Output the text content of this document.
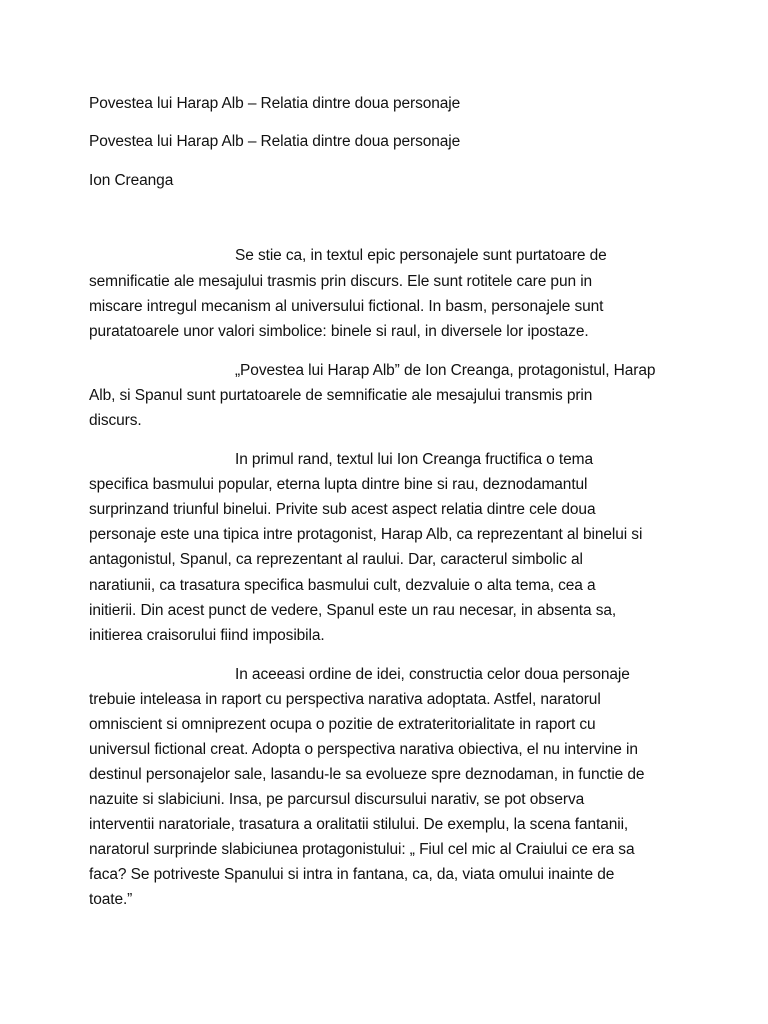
Povestea lui Harap Alb – Relatia dintre doua personaje
Povestea lui Harap Alb – Relatia dintre doua personaje
Ion Creanga
Se stie ca, in textul epic personajele sunt purtatoare de
semnificatie ale mesajului trasmis prin discurs. Ele sunt rotitele care pun in
miscare intregul mecanism al universului fictional. In basm, personajele sunt
puratatoarele unor valori simbolice: binele si raul, in diversele lor ipostaze.
„Povestea lui Harap Alb” de Ion Creanga, protagonistul, Harap
Alb, si Spanul sunt purtatoarele de semnificatie ale mesajului transmis prin
discurs.
In primul rand, textul lui Ion Creanga fructifica o tema
specifica basmului popular, eterna lupta dintre bine si rau, deznodamantul
surprinzand triunful binelui. Privite sub acest aspect relatia dintre cele doua
personaje este una tipica intre protagonist, Harap Alb, ca reprezentant al binelui si
antagonistul, Spanul, ca reprezentant al raului. Dar, caracterul simbolic al
naratiunii, ca trasatura specifica basmului cult, dezvaluie o alta tema, cea a
initierii. Din acest punct de vedere, Spanul este un rau necesar, in absenta sa,
initierea craisorului fiind imposibila.
In aceeasi ordine de idei, constructia celor doua personaje
trebuie inteleasa in raport cu perspectiva narativa adoptata. Astfel, naratorul
omniscient si omniprezent ocupa o pozitie de extrateritorialitate in raport cu
universul fictional creat. Adopta o perspectiva narativa obiectiva, el nu intervine in
destinul personajelor sale, lasandu-le sa evolueze spre deznodaman, in functie de
nazuite si slabiciuni. Insa, pe parcursul discursului narativ, se pot observa
interventii naratoriale, trasatura a oralitatii stilului. De exemplu, la scena fantanii,
naratorul surprinde slabiciunea protagonistului: „ Fiul cel mic al Craiului ce era sa
faca? Se potriveste Spanului si intra in fantana, ca, da, viata omului inainte de
toate.”
